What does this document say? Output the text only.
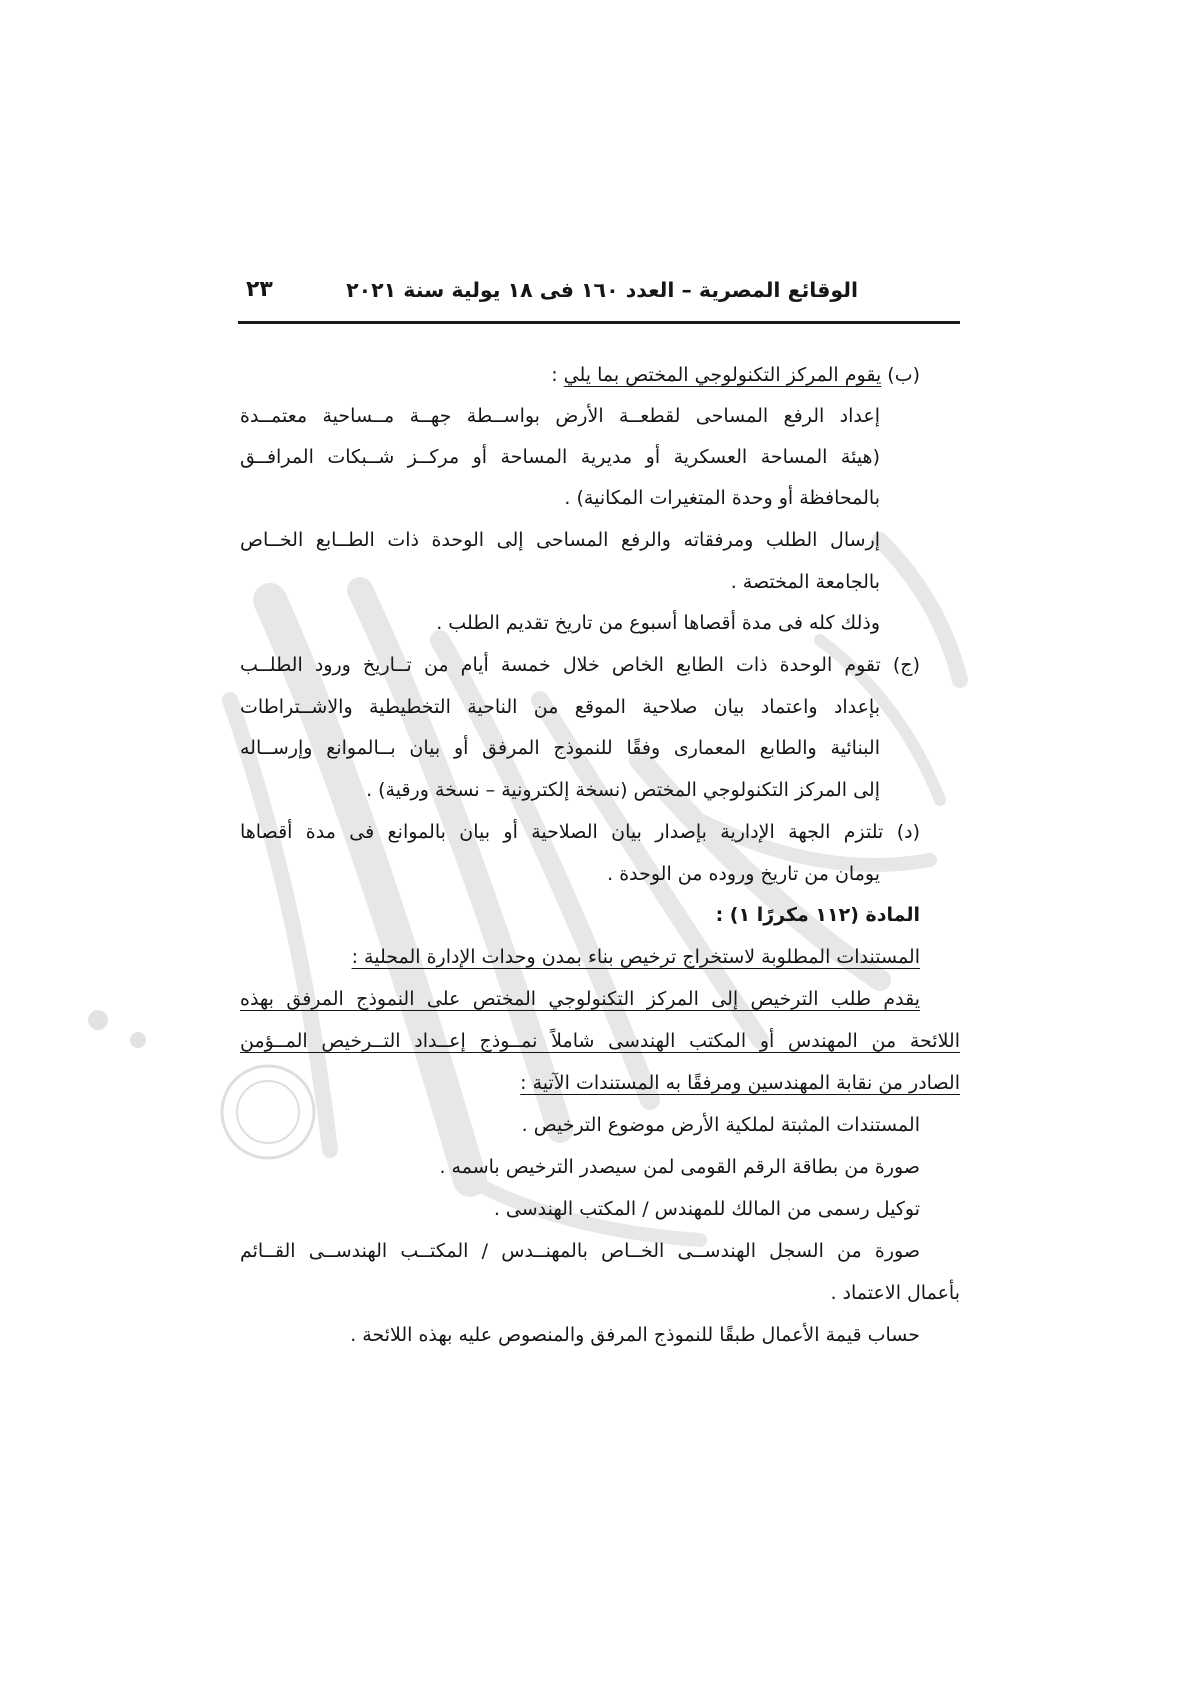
الوقائع المصرية – العدد ١٦٠ فى ١٨ يولية سنة ٢٠٢١
٢٣
(ب) يقوم المركز التكنولوجي المختص بما يلي :
إعداد الرفع المساحى لقطعــة الأرض بواســطة جهــة مــساحية معتمــدة
(هيئة المساحة العسكرية أو مديرية المساحة أو مركــز شــبكات المرافــق
بالمحافظة أو وحدة المتغيرات المكانية) .
إرسال الطلب ومرفقاته والرفع المساحى إلى الوحدة ذات الطــابع الخــاص
بالجامعة المختصة .
وذلك كله فى مدة أقصاها أسبوع من تاريخ تقديم الطلب .
(ج) تقوم الوحدة ذات الطابع الخاص خلال خمسة أيام من تــاريخ ورود الطلــب
بإعداد واعتماد بيان صلاحية الموقع من الناحية التخطيطية والاشــتراطات
البنائية والطابع المعمارى وفقًا للنموذج المرفق أو بيان بــالموانع وإرســاله
إلى المركز التكنولوجي المختص (نسخة إلكترونية – نسخة ورقية) .
(د) تلتزم الجهة الإدارية بإصدار بيان الصلاحية أو بيان بالموانع فى مدة أقصاها
يومان من تاريخ وروده من الوحدة .
المادة (١١٢ مكررًا ١) :
المستندات المطلوبة لاستخراج ترخيص بناء بمدن وحدات الإدارة المحلية :
يقدم طلب الترخيص إلى المركز التكنولوجي المختص على النموذج المرفق بهذه
اللائحة من المهندس أو المكتب الهندسى شاملاً نمــوذج إعــداد التــرخيص المــؤمن
الصادر من نقابة المهندسين ومرفقًا به المستندات الآتية :
المستندات المثبتة لملكية الأرض موضوع الترخيص .
صورة من بطاقة الرقم القومى لمن سيصدر الترخيص باسمه .
توكيل رسمى من المالك للمهندس / المكتب الهندسى .
صورة من السجل الهندســى الخــاص بالمهنــدس / المكتــب الهندســى القــائم
بأعمال الاعتماد .
حساب قيمة الأعمال طبقًا للنموذج المرفق والمنصوص عليه بهذه اللائحة .
